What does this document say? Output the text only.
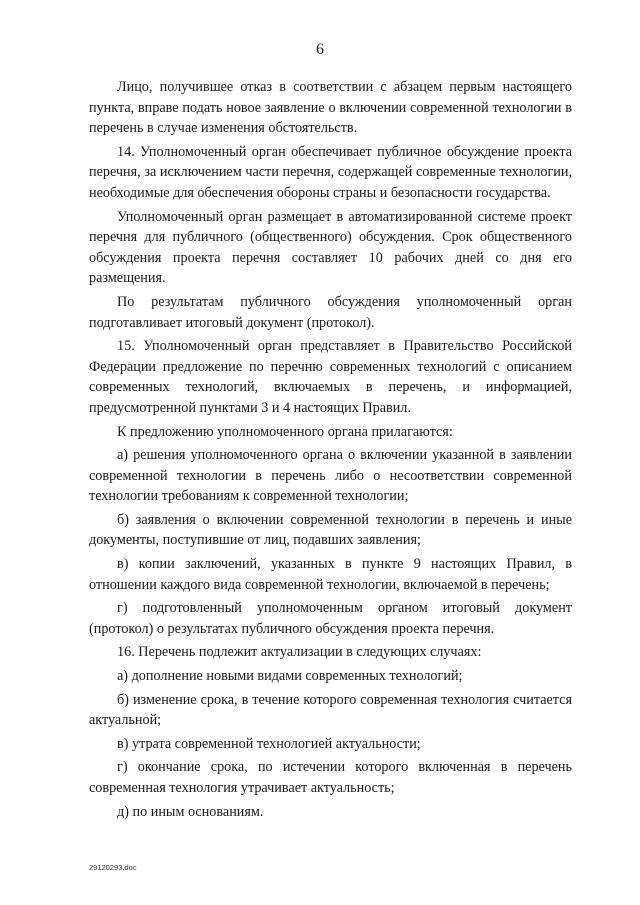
6

Лицо, получившее отказ в соответствии с абзацем первым настоящего пункта, вправе подать новое заявление о включении современной технологии в перечень в случае изменения обстоятельств.

14. Уполномоченный орган обеспечивает публичное обсуждение проекта перечня, за исключением части перечня, содержащей современные технологии, необходимые для обеспечения обороны страны и безопасности государства.

Уполномоченный орган размещает в автоматизированной системе проект перечня для публичного (общественного) обсуждения. Срок общественного обсуждения проекта перечня составляет 10 рабочих дней со дня его размещения.

По результатам публичного обсуждения уполномоченный орган подготавливает итоговый документ (протокол).

15. Уполномоченный орган представляет в Правительство Российской Федерации предложение по перечню современных технологий с описанием современных технологий, включаемых в перечень, и информацией, предусмотренной пунктами 3 и 4 настоящих Правил.

К предложению уполномоченного органа прилагаются:

а) решения уполномоченного органа о включении указанной в заявлении современной технологии в перечень либо о несоответствии современной технологии требованиям к современной технологии;

б) заявления о включении современной технологии в перечень и иные документы, поступившие от лиц, подавших заявления;

в) копии заключений, указанных в пункте 9 настоящих Правил, в отношении каждого вида современной технологии, включаемой в перечень;

г) подготовленный уполномоченным органом итоговый документ (протокол) о результатах публичного обсуждения проекта перечня.

16. Перечень подлежит актуализации в следующих случаях:

а) дополнение новыми видами современных технологий;

б) изменение срока, в течение которого современная технология считается актуальной;

в) утрата современной технологией актуальности;

г) окончание срока, по истечении которого включенная в перечень современная технология утрачивает актуальность;

д) по иным основаниям.

29120293.doc
